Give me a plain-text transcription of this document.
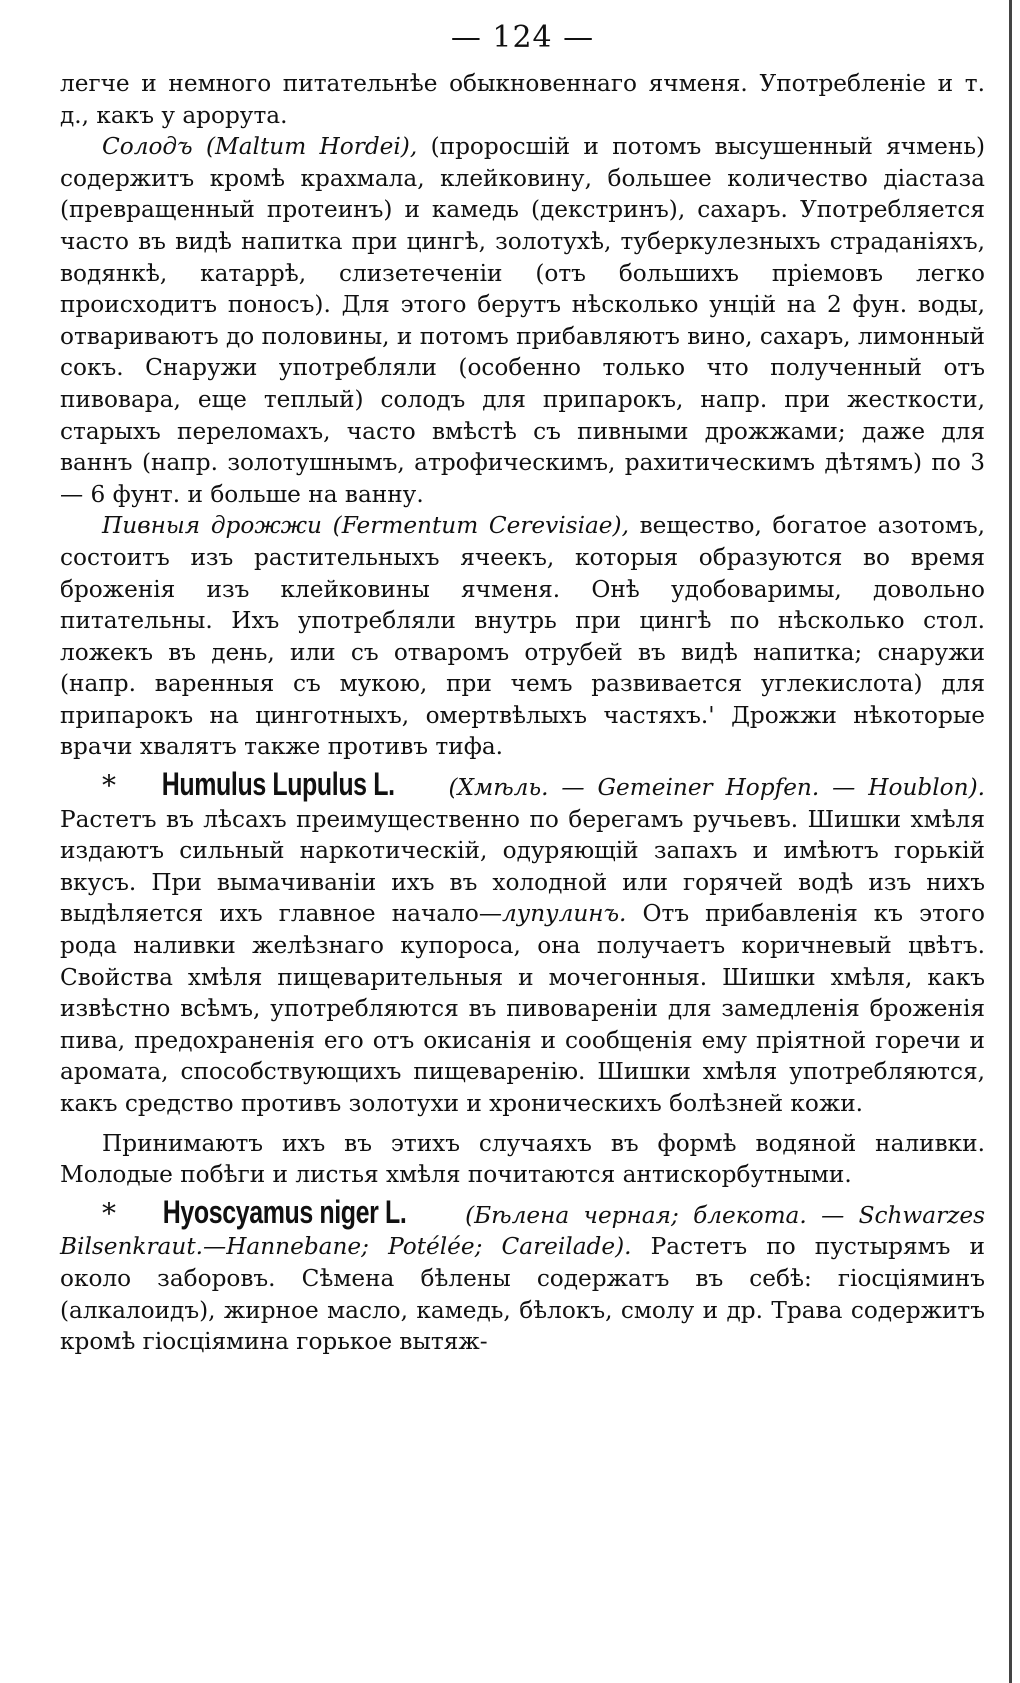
— 124 —

легче и немного питательнѣе обыкновеннаго ячменя. Употребленіе и т. д., какъ у арорута.

Солодъ (Maltum Hordei), (проросшій и потомъ высушенный ячмень) содержитъ кромѣ крахмала, клейковину, большее количество діастаза (превращенный протеинъ) и камедь (декстринъ), сахаръ. Употребляется часто въ видѣ напитка при цингѣ, золотухѣ, туберкулезныхъ страданіяхъ, водянкѣ, катаррѣ, слизетеченіи (отъ большихъ пріемовъ легко происходитъ поносъ). Для этого берутъ нѣсколько унцій на 2 фун. воды, отвариваютъ до половины, и потомъ прибавляютъ вино, сахаръ, лимонный сокъ. Снаружи употребляли (особенно только что полученный отъ пивовара, еще теплый) солодъ для припарокъ, напр. при жесткости, старыхъ переломахъ, часто вмѣстѣ съ пивными дрожжами; даже для ваннъ (напр. золотушнымъ, атрофическимъ, рахитическимъ дѣтямъ) по 3 — 6 фунт. и больше на ванну.

Пивныя дрожжи (Fermentum Cerevisiae), вещество, богатое азотомъ, состоитъ изъ растительныхъ ячеекъ, которыя образуются во время броженія изъ клейковины ячменя. Онѣ удобоваримы, довольно питательны. Ихъ употребляли внутрь при цингѣ по нѣсколько стол. ложекъ въ день, или съ отваромъ отрубей въ видѣ напитка; снаружи (напр. варенныя съ мукою, при чемъ развивается углекислота) для припарокъ на цинготныхъ, омертвѣлыхъ частяхъ.' Дрожжи нѣкоторые врачи хвалятъ также противъ тифа.

* Humulus Lupulus L. (Хмѣль. — Gemeiner Hopfen. — Houblon). Растетъ въ лѣсахъ преимущественно по берегамъ ручьевъ. Шишки хмѣля издаютъ сильный наркотическій, одуряющій запахъ и имѣютъ горькій вкусъ. При вымачиваніи ихъ въ холодной или горячей водѣ изъ нихъ выдѣляется ихъ главное начало—лупулинъ. Отъ прибавленія къ этого рода наливки желѣзнаго купороса, она получаетъ коричневый цвѣтъ. Свойства хмѣля пищеварительныя и мочегонныя. Шишки хмѣля, какъ извѣстно всѣмъ, употребляются въ пивовареніи для замедленія броженія пива, предохраненія его отъ окисанія и сообщенія ему пріятной горечи и аромата, способствующихъ пищеваренію. Шишки хмѣля употребляются, какъ средство противъ золотухи и хроническихъ болѣзней кожи.

Принимаютъ ихъ въ этихъ случаяхъ въ формѣ водяной наливки. Молодые побѣги и листья хмѣля почитаются антискорбутными.

* Hyoscyamus niger L.	(Бѣлена черная; блекота. — Schwarzes Bilsenkraut.—Hannebane; Potélée; Careilade). Растетъ по пустырямъ и около заборовъ. Сѣмена бѣлены содержатъ въ себѣ: гіосціяминъ (алкалоидъ), жирное масло, камедь, бѣлокъ, смолу и др. Трава содержитъ кромѣ гіосціямина горькое вытяж-
